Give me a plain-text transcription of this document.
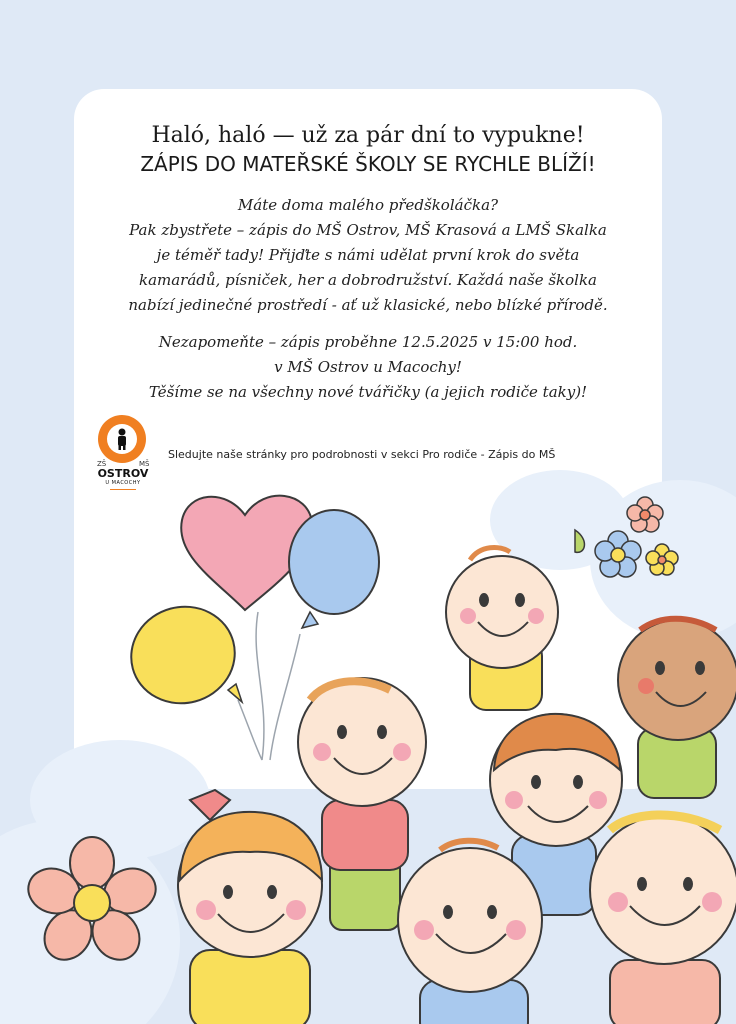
Haló, haló — už za pár dní to vypukne!
ZÁPIS DO MATEŘSKÉ ŠKOLY SE RYCHLE BLÍŽÍ!
Máte doma malého předškoláčka?
Pak zbystřete – zápis do MŠ Ostrov, MŠ Krasová a LMŠ Skalka
je téměř tady! Přijďte s námi udělat první krok do světa
kamarádů, písniček, her a dobrodružství. Každá naše školka
nabízí jedinečné prostředí - ať už klasické, nebo blízké přírodě.
Nezapomeňte – zápis proběhne 12.5.2025 v 15:00 hod.
v MŠ Ostrov u Macochy!
Těšíme se na všechny nové tvářičky (a jejich rodiče taky)!
ZŠ	MŠ
OSTROV
U MACOCHY
Sledujte naše stránky pro podrobnosti v sekci Pro rodiče - Zápis do MŠ
